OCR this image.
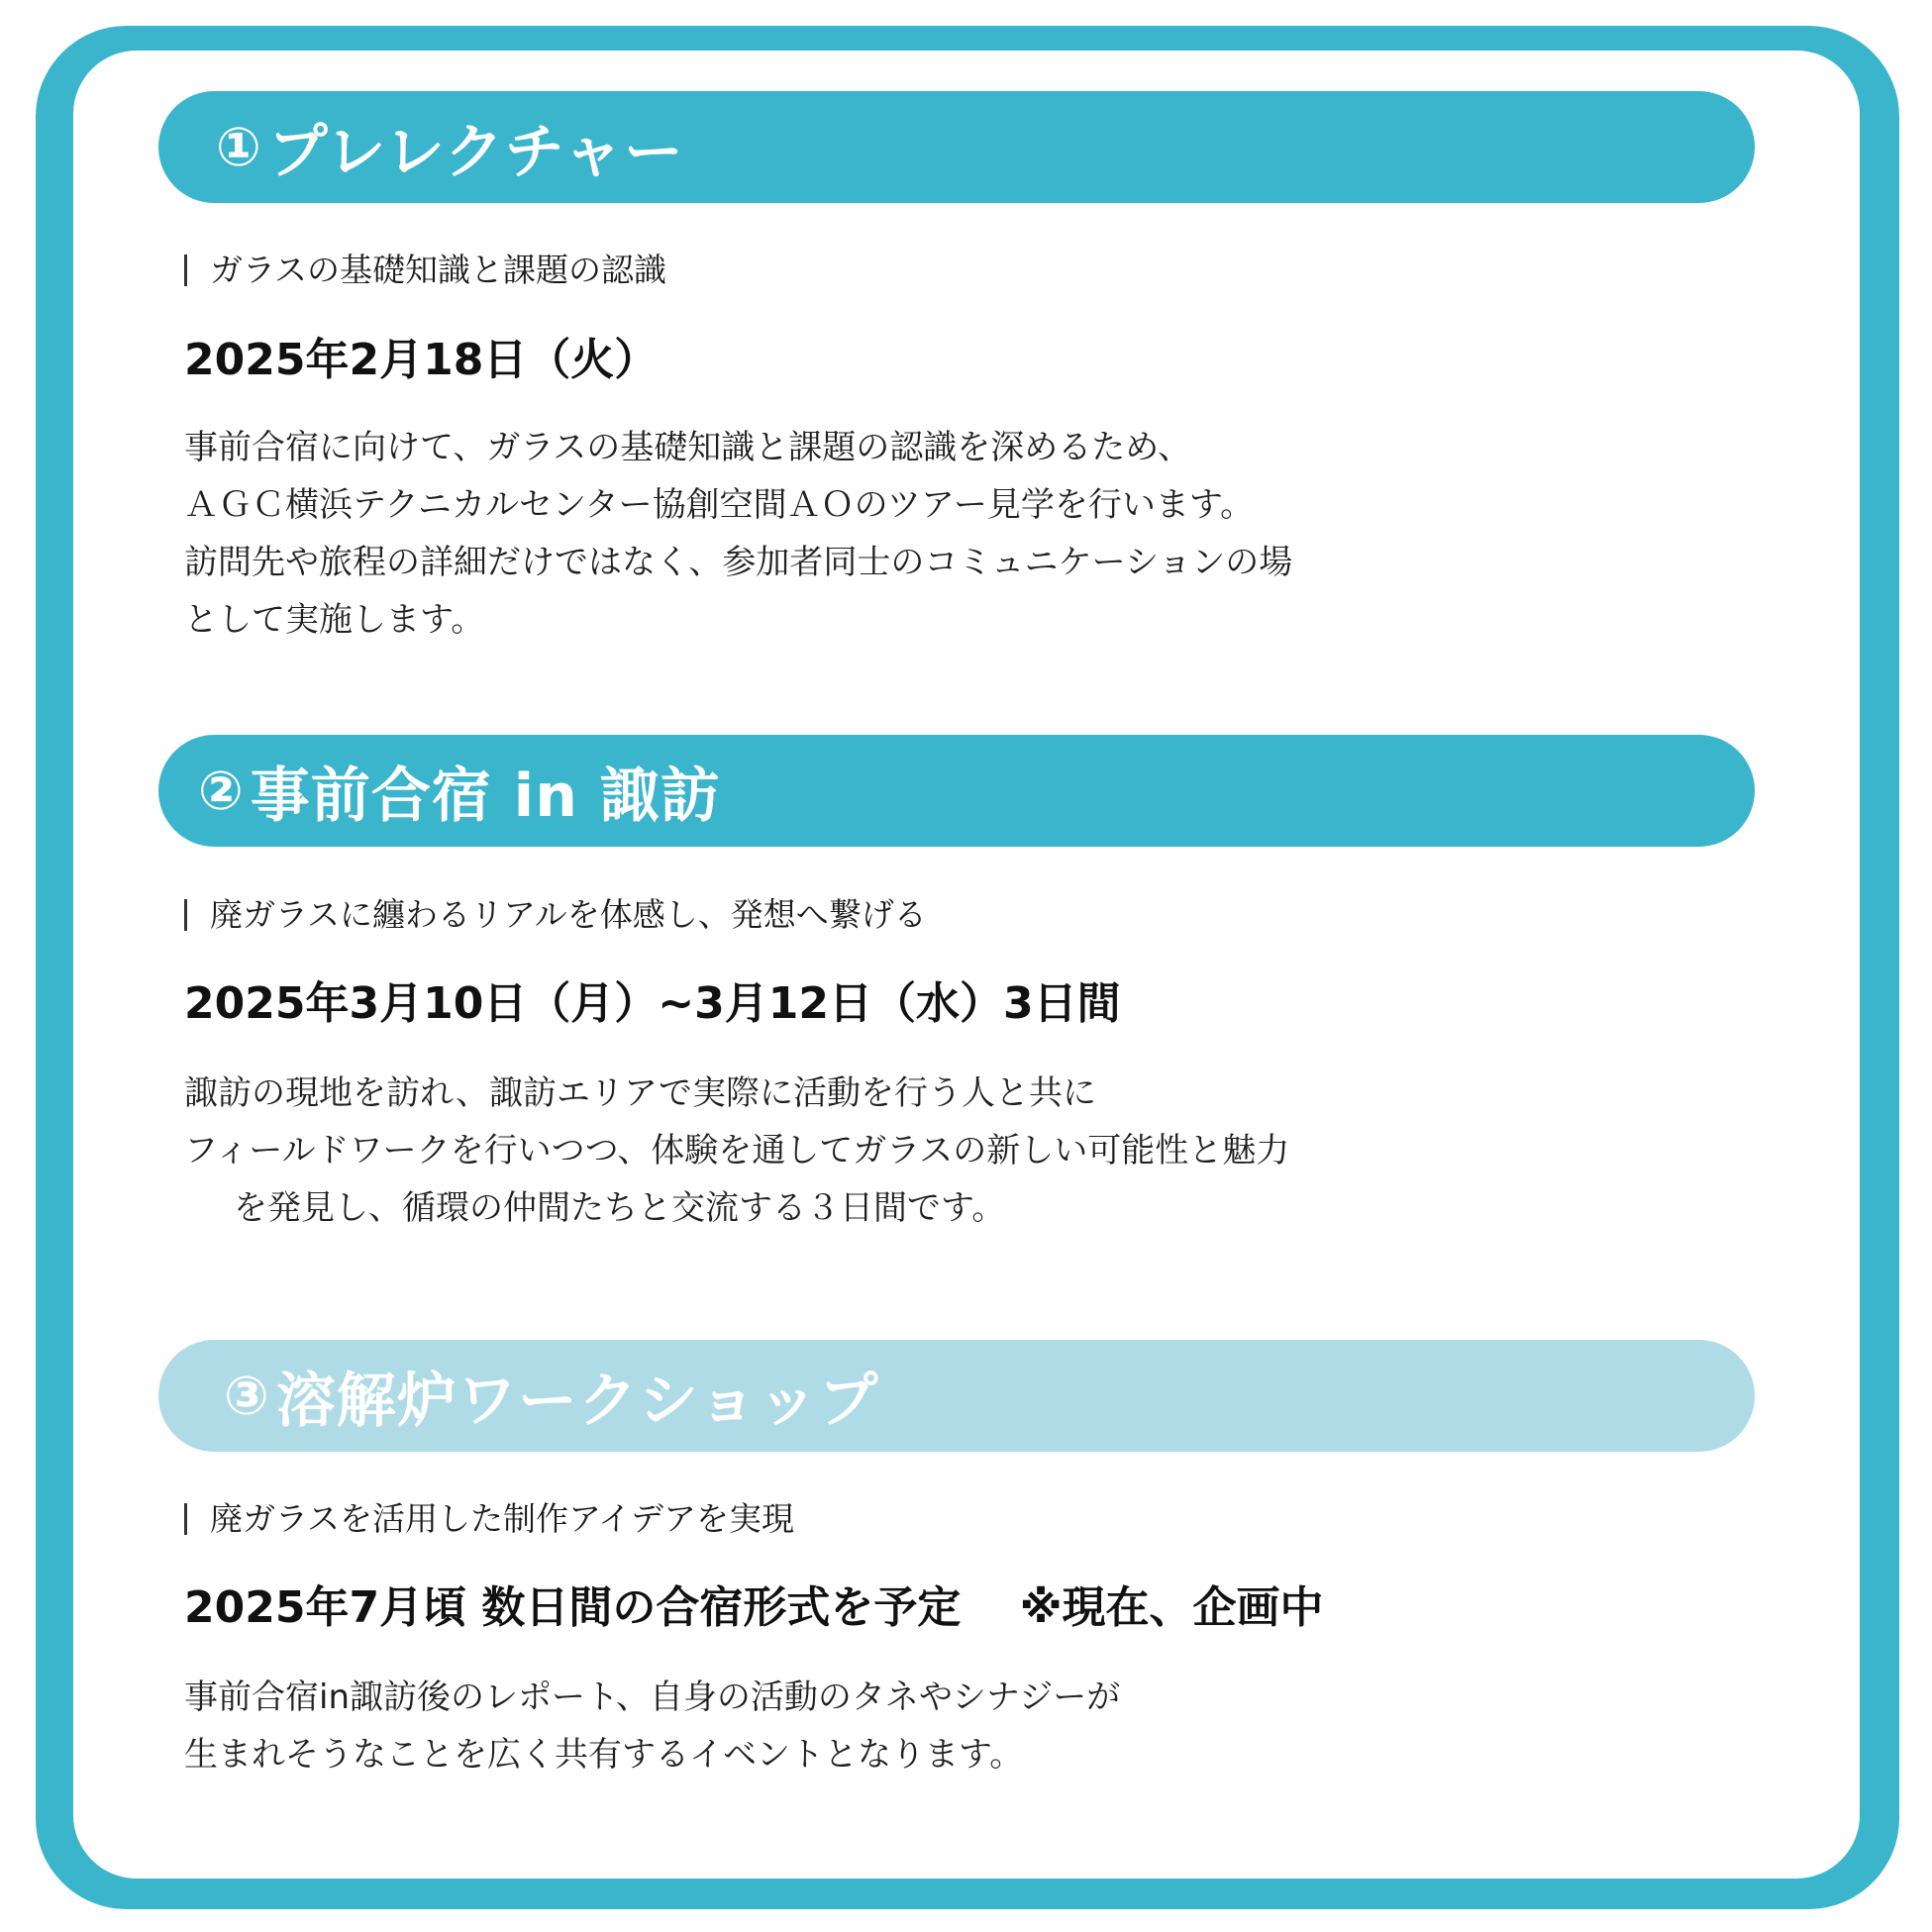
① プレレクチャー
ガラスの基礎知識と課題の認識
2025年2月18日（火）
事前合宿に向けて、ガラスの基礎知識と課題の認識を深めるため、
ＡＧＣ横浜テクニカルセンター協創空間ＡＯのツアー見学を行います。
訪問先や旅程の詳細だけではなく、参加者同士のコミュニケーションの場
として実施します。
② 事前合宿 in 諏訪
廃ガラスに纏わるリアルを体感し、発想へ繋げる
2025年3月10日（月）~3月12日（水）3日間
諏訪の現地を訪れ、諏訪エリアで実際に活動を行う人と共に
フィールドワークを行いつつ、体験を通してガラスの新しい可能性と魅力
を発見し、循環の仲間たちと交流する３日間です。
③ 溶解炉ワークショップ
廃ガラスを活用した制作アイデアを実現
2025年7月頃 数日間の合宿形式を予定　 ※現在、企画中
事前合宿in諏訪後のレポート、自身の活動のタネやシナジーが
生まれそうなことを広く共有するイベントとなります。
